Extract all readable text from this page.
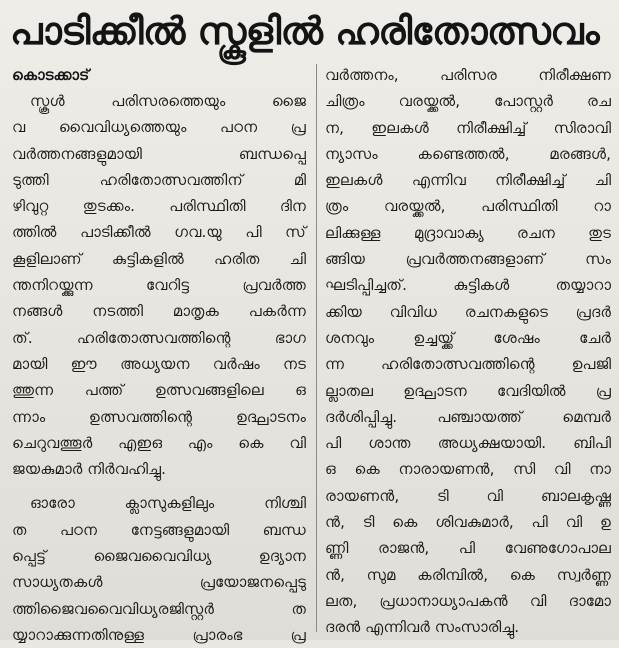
പാടിക്കീൽ സ്കൂളിൽ ഹരിതോത്സവം
കൊടക്കാട്
സ്കൂൾ പരിസരത്തെയും ജൈ
വ വൈവിധ്യത്തെയും പഠന പ്ര
വർത്തനങ്ങളുമായി ബന്ധപ്പെ
ടുത്തി ഹരിതോത്സവത്തിന് മി
ഴിവുറ്റ തുടക്കം. പരിസ്ഥിതി ദിന
ത്തിൽ പാടിക്കീൽ ഗവ.യു പി സ്
കൂളിലാണ് കുട്ടികളിൽ ഹരിത ചി
ന്തനിറയ്ക്കുന്ന വേറിട്ട പ്രവർത്ത
നങ്ങൾ നടത്തി മാതൃക പകർന്ന
ത്. ഹരിതോത്സവത്തിന്റെ ഭാഗ
മായി ഈ അധ്യയന വർഷം നട
ത്തുന്ന പത്ത് ഉത്സവങ്ങളിലെ ഒ
ന്നാം ഉത്സവത്തിന്റെ ഉദ്ഘാടനം
ചെറുവത്തൂർ എഇഒ എം കെ വി
ജയകുമാർ നിർവഹിച്ചു.
ഓരോ ക്ലാസുകളിലും നിശ്ചി
ത പഠന നേട്ടങ്ങളുമായി ബന്ധ
പ്പെട്ട് ജൈവവൈവിധ്യ ഉദ്യാന
സാധ്യതകൾ പ്രയോജനപ്പെടു
ത്തിജൈവവൈവിധ്യരജിസ്റ്റർ ത
യ്യാറാക്കുന്നതിനുള്ള പ്രാരംഭ പ്ര
വർത്തനം, പരിസര നിരീക്ഷണ
ചിത്രം വരയ്ക്കൽ, പോസ്റ്റർ രച
ന, ഇലകൾ നിരീക്ഷിച്ച് സിരാവി
ന്യാസം കണ്ടെത്തൽ, മരങ്ങൾ,
ഇലകൾ എന്നിവ നിരീക്ഷിച്ച് ചി
ത്രം വരയ്ക്കൽ, പരിസ്ഥിതി റാ
ലിക്കുള്ള മുദ്രാവാക്യ രചന തുട
ങ്ങിയ പ്രവർത്തനങ്ങളാണ് സം
ഘടിപ്പിച്ചത്. കുട്ടികൾ തയ്യാറാ
ക്കിയ വിവിധ രചനകളുടെ പ്രദർ
ശനവും ഉച്ചയ്ക്ക് ശേഷം ചേർ
ന്ന ഹരിതോത്സവത്തിന്റെ ഉപജി
ല്ലാതല ഉദ്ഘാടന വേദിയിൽ പ്ര
ദർശിപ്പിച്ചു. പഞ്ചായത്ത് മെമ്പർ
പി ശാന്ത അധ്യക്ഷയായി. ബിപി
ഒ കെ നാരായണൻ, സി വി നാ
രായണൻ, ടി വി ബാലകൃഷ്ണ
ൻ, ടി കെ ശിവകുമാർ, പി വി ഉ
ണ്ണി രാജൻ, പി വേണുഗോപാല
ൻ, സുമ കരിമ്പിൽ, കെ സ്വർണ്ണ
ലത, പ്രധാനാധ്യാപകൻ വി ദാമോ
ദരൻ എന്നിവർ സംസാരിച്ചു.
